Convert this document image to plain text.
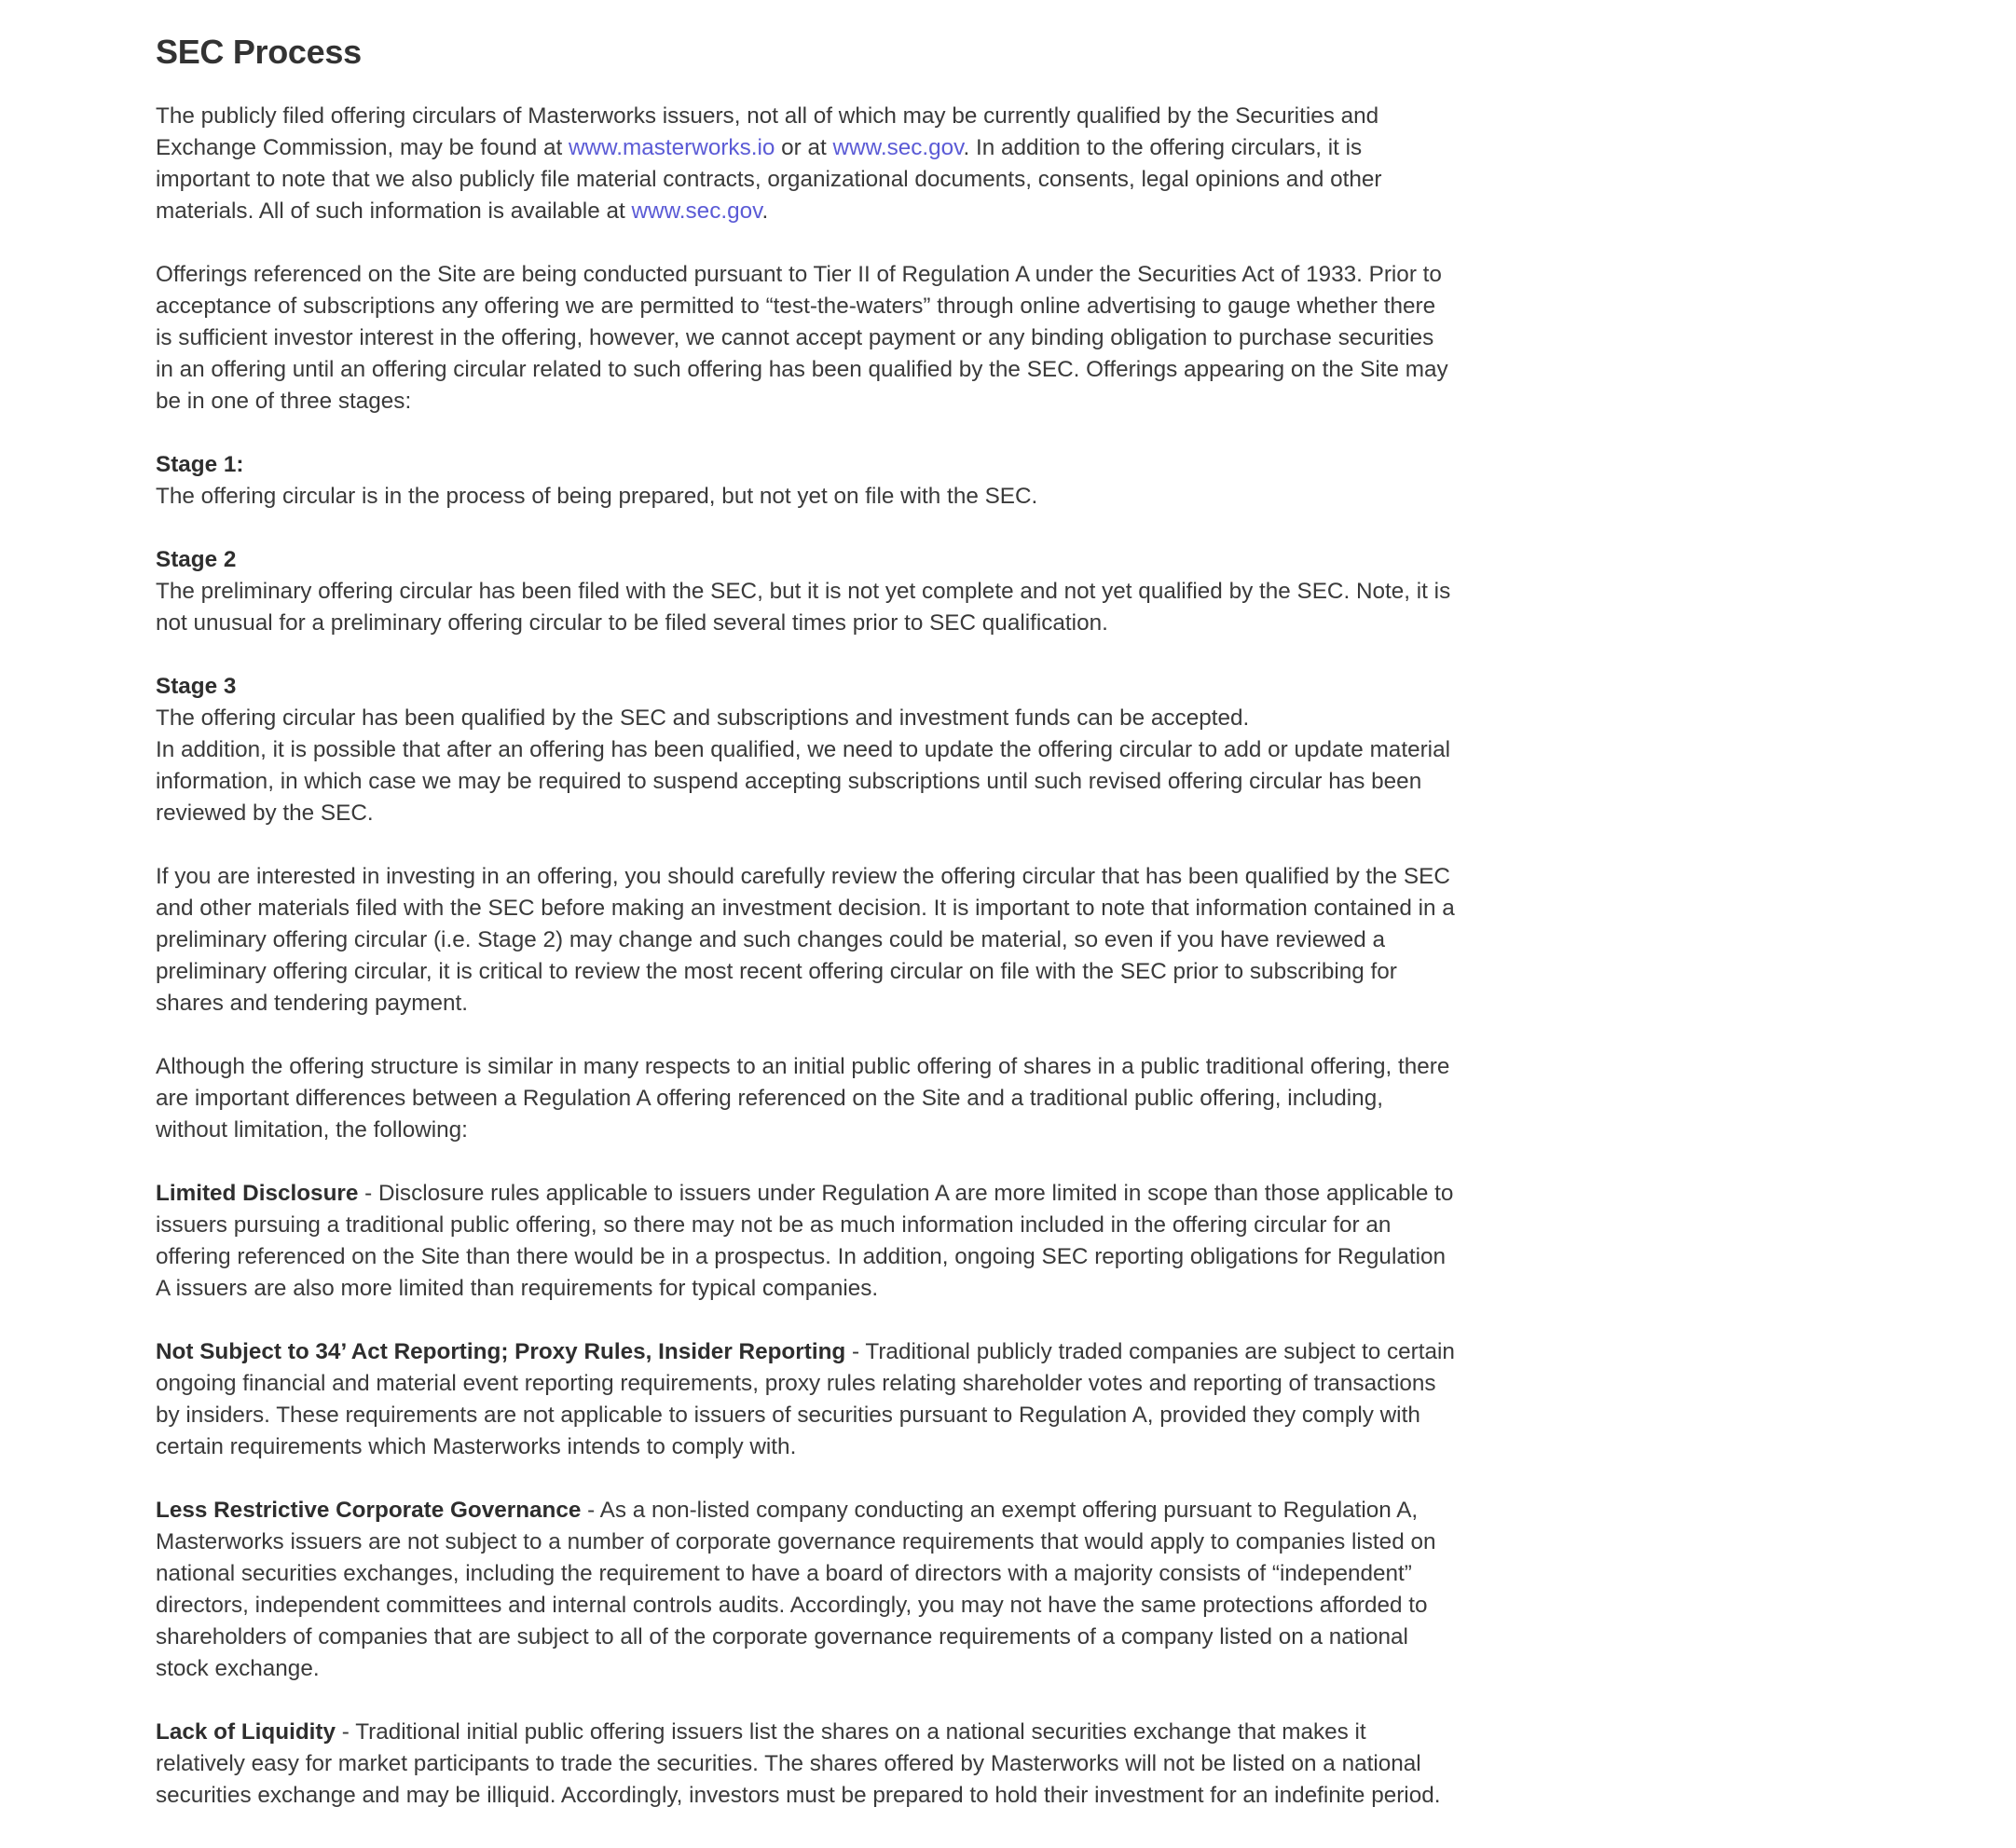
SEC Process

The publicly filed offering circulars of Masterworks issuers, not all of which may be currently qualified by the Securities and Exchange Commission, may be found at www.masterworks.io or at www.sec.gov. In addition to the offering circulars, it is important to note that we also publicly file material contracts, organizational documents, consents, legal opinions and other materials. All of such information is available at www.sec.gov.

Offerings referenced on the Site are being conducted pursuant to Tier II of Regulation A under the Securities Act of 1933. Prior to acceptance of subscriptions any offering we are permitted to “test-the-waters” through online advertising to gauge whether there is sufficient investor interest in the offering, however, we cannot accept payment or any binding obligation to purchase securities in an offering until an offering circular related to such offering has been qualified by the SEC. Offerings appearing on the Site may be in one of three stages:

Stage 1:
The offering circular is in the process of being prepared, but not yet on file with the SEC.

Stage 2
The preliminary offering circular has been filed with the SEC, but it is not yet complete and not yet qualified by the SEC. Note, it is not unusual for a preliminary offering circular to be filed several times prior to SEC qualification.

Stage 3
The offering circular has been qualified by the SEC and subscriptions and investment funds can be accepted.
In addition, it is possible that after an offering has been qualified, we need to update the offering circular to add or update material information, in which case we may be required to suspend accepting subscriptions until such revised offering circular has been reviewed by the SEC.

If you are interested in investing in an offering, you should carefully review the offering circular that has been qualified by the SEC and other materials filed with the SEC before making an investment decision. It is important to note that information contained in a preliminary offering circular (i.e. Stage 2) may change and such changes could be material, so even if you have reviewed a preliminary offering circular, it is critical to review the most recent offering circular on file with the SEC prior to subscribing for shares and tendering payment.

Although the offering structure is similar in many respects to an initial public offering of shares in a public traditional offering, there are important differences between a Regulation A offering referenced on the Site and a traditional public offering, including, without limitation, the following:

Limited Disclosure - Disclosure rules applicable to issuers under Regulation A are more limited in scope than those applicable to issuers pursuing a traditional public offering, so there may not be as much information included in the offering circular for an offering referenced on the Site than there would be in a prospectus. In addition, ongoing SEC reporting obligations for Regulation A issuers are also more limited than requirements for typical companies.

Not Subject to 34’ Act Reporting; Proxy Rules, Insider Reporting - Traditional publicly traded companies are subject to certain ongoing financial and material event reporting requirements, proxy rules relating shareholder votes and reporting of transactions by insiders. These requirements are not applicable to issuers of securities pursuant to Regulation A, provided they comply with certain requirements which Masterworks intends to comply with.

Less Restrictive Corporate Governance - As a non-listed company conducting an exempt offering pursuant to Regulation A, Masterworks issuers are not subject to a number of corporate governance requirements that would apply to companies listed on national securities exchanges, including the requirement to have a board of directors with a majority consists of “independent” directors, independent committees and internal controls audits. Accordingly, you may not have the same protections afforded to shareholders of companies that are subject to all of the corporate governance requirements of a company listed on a national stock exchange.

Lack of Liquidity - Traditional initial public offering issuers list the shares on a national securities exchange that makes it relatively easy for market participants to trade the securities. The shares offered by Masterworks will not be listed on a national securities exchange and may be illiquid. Accordingly, investors must be prepared to hold their investment for an indefinite period.
